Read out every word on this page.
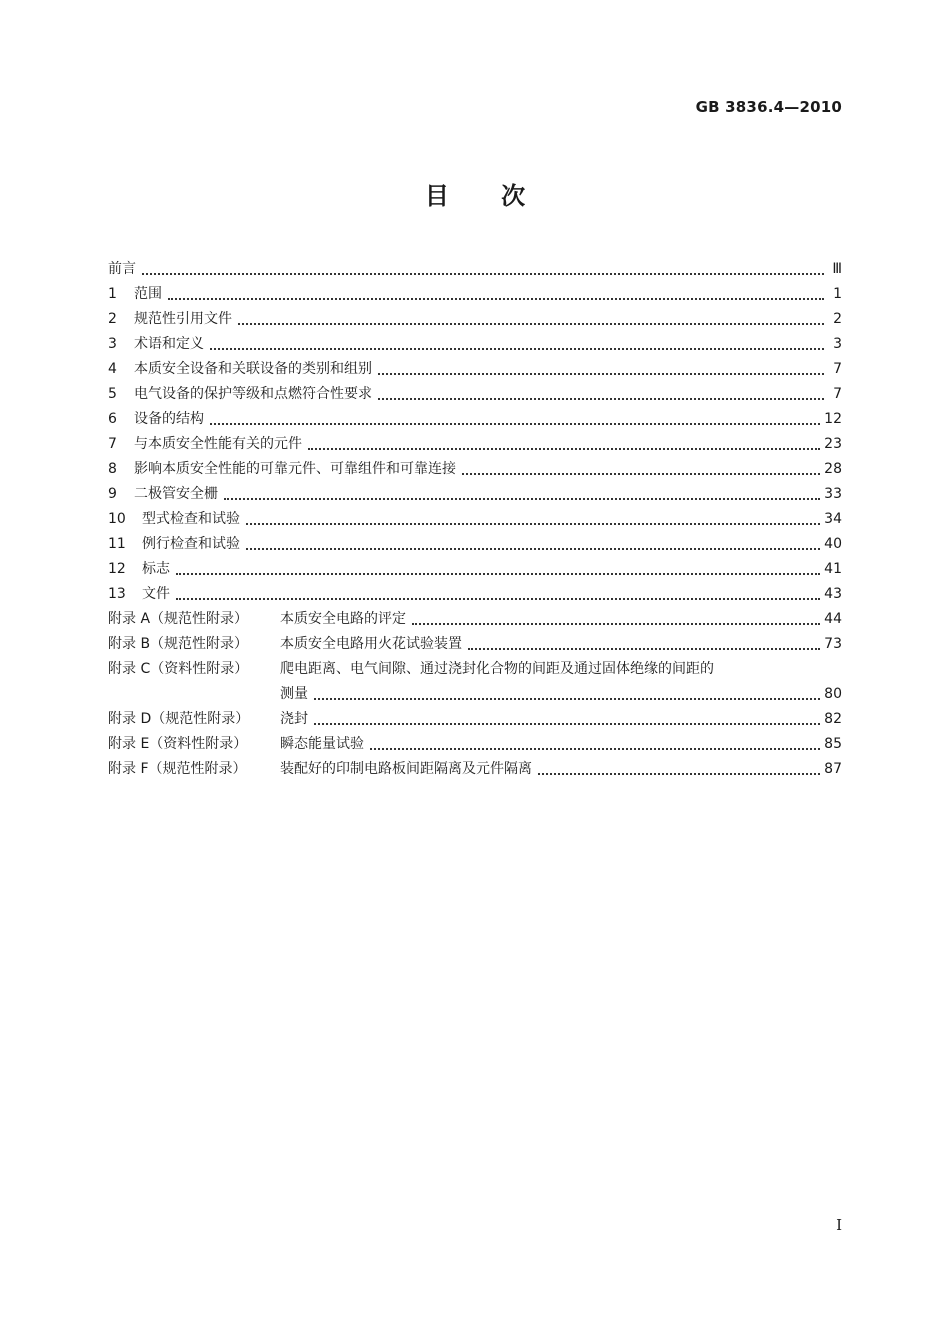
GB 3836.4—2010
目 次
前言	Ⅲ
1	范围	1
2	规范性引用文件	2
3	术语和定义	3
4	本质安全设备和关联设备的类别和组别	7
5	电气设备的保护等级和点燃符合性要求	7
6	设备的结构	12
7	与本质安全性能有关的元件	23
8	影响本质安全性能的可靠元件、可靠组件和可靠连接	28
9	二极管安全栅	33
10	型式检查和试验	34
11	例行检查和试验	40
12	标志	41
13	文件	43
附录 A（规范性附录）	本质安全电路的评定	44
附录 B（规范性附录）	本质安全电路用火花试验装置	73
附录 C（资料性附录）	爬电距离、电气间隙、通过浇封化合物的间距及通过固体绝缘的间距的
测量	80
附录 D（规范性附录）	浇封	82
附录 E（资料性附录）	瞬态能量试验	85
附录 F（规范性附录）	装配好的印制电路板间距隔离及元件隔离	87
I
